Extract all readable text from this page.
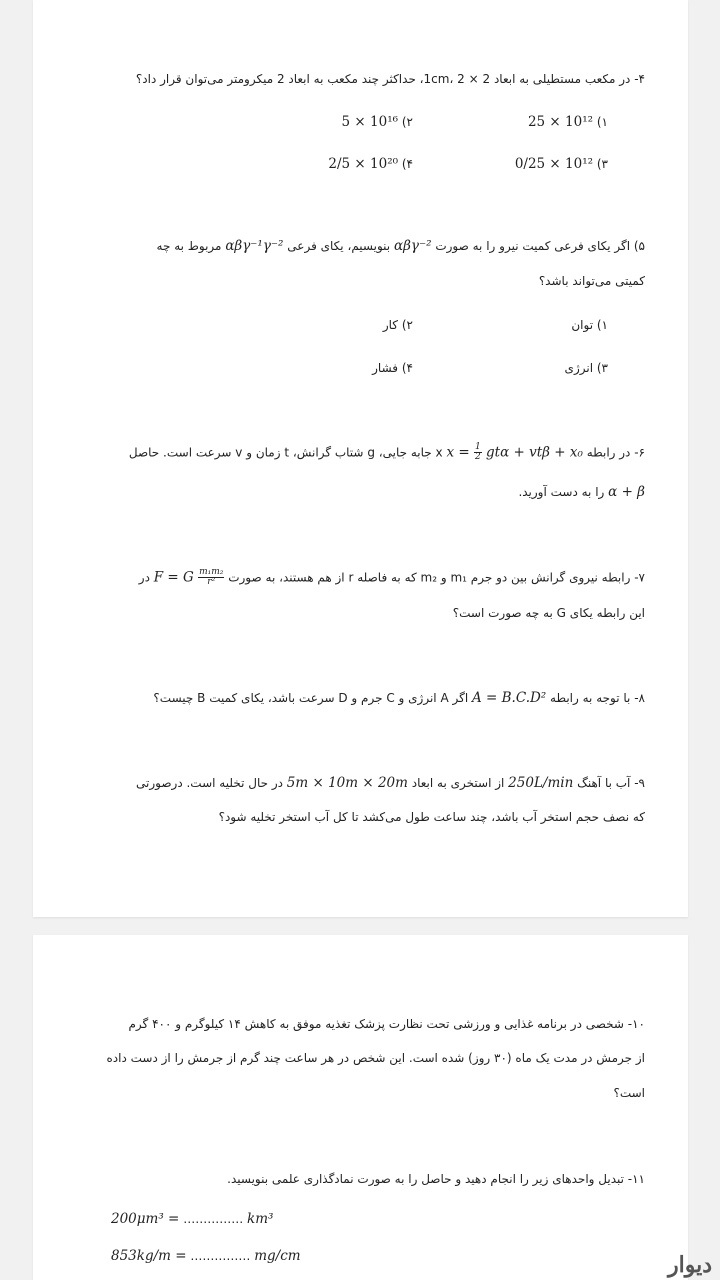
۴- در مکعب مستطیلی به ابعاد 2 × 1cm، 2، حداکثر چند مکعب به ابعاد 2 میکرومتر می‌توان قرار داد؟
۱) 25 × 10¹²
۲) 5 × 10¹⁶
۳) 0/25 × 10¹²
۴) 2/5 × 10²⁰
۵) اگر یکای فرعی کمیت نیرو را به صورت αβγ⁻² بنویسیم، یکای فرعی αβγ⁻¹γ⁻² مربوط به چه
کمیتی می‌تواند باشد؟
۱) توان
۲) کار
۳) انرژی
۴) فشار
۶- در رابطه $x = \frac{1}{2}$ gtα + vtβ + x₀ x جابه جایی، g شتاب گرانش، t زمان و v سرعت است. حاصل
α + β را به دست آورید.
۷- رابطه نیروی گرانش بین دو جرم m₁ و m₂ که به فاصله r از هم هستند، به صورت F = G $\frac{\text{m₁m₂}}{\text{r²}}$
در
این رابطه یکای G به چه صورت است؟
۸- با توجه به رابطه A = B.C.D² اگر A انرژی و C جرم و D سرعت باشد، یکای کمیت B چیست؟
۹- آب با آهنگ 250L/min از استخری به ابعاد 5m × 10m × 20m در حال تخلیه است. درصورتی
که نصف حجم استخر آب باشد، چند ساعت طول می‌کشد تا کل آب استخر تخلیه شود؟
۱۰- شخصی در برنامه غذایی و ورزشی تحت نظارت پزشک تغذیه موفق به کاهش ۱۴ کیلوگرم و ۴۰۰ گرم
از جرمش در مدت یک ماه (۳۰ روز) شده است. این شخص در هر ساعت چند گرم از جرمش را از دست داده
است؟
۱۱- تبدیل واحدهای زیر را انجام دهید و حاصل را به صورت نمادگذاری علمی بنویسید.
200μm³ = …………… km³
853kg/m = …………… mg/cm	دیوار
